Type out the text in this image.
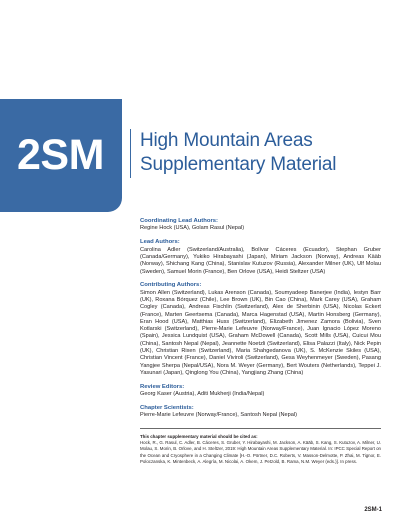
2SM High Mountain Areas
Supplementary Material

Coordinating Lead Authors:

Regine Hock (USA), Golam Rasul (Nepal)

Lead Authors:

Carolina Adler (Switzerland/Australia), Bolívar Cáceres (Ecuador), Stephan Gruber (Canada/Germany), Yukiko Hirabayashi (Japan), Miriam Jackson (Norway), Andreas Kääb (Norway), Shichang Kang (China), Stanislav Kutuzov (Russia), Alexander Milner (UK), Ulf Molau (Sweden), Samuel Morin (France), Ben Orlove (USA), Heidi Steltzer (USA)

Contributing Authors:

Simon Allen (Switzerland), Lukas Arenson (Canada), Soumyadeep Banerjee (India), Iestyn Barr (UK), Roxana Bórquez (Chile), Lee Brown (UK), Bin Cao (China), Mark Carey (USA), Graham Cogley (Canada), Andreas Fischlin (Switzerland), Alex de Sherbinin (USA), Nicolas Eckert (France), Marten Geertsema (Canada), Marca Hagenstad (USA), Martin Honsberg (Germany), Eran Hood (USA), Matthias Huss (Switzerland), Elizabeth Jimenez Zamora (Bolivia), Sven Kotlarski (Switzerland), Pierre-Marie Lefeuvre (Norway/France), Juan Ignacio López Moreno (Spain), Jessica Lundquist (USA), Graham McDowell (Canada), Scott Mills (USA), Cuicui Mou (China), Santosh Nepal (Nepal), Jeannette Noetzli (Switzerland), Elisa Palazzi (Italy), Nick Pepin (UK), Christian Rixen (Switzerland), Maria Shahgedanova (UK), S. McKenzie Skiles (USA), Christian Vincent (France), Daniel Viviroli (Switzerland), Gesa Weyhenmeyer (Sweden), Pasang Yangjee Sherpa (Nepal/USA), Nora M. Weyer (Germany), Bert Wouters (Netherlands), Teppei J. Yasunari (Japan), Qinglong You (China), Yangjiang Zhang (China)

Review Editors:

Georg Kaser (Austria), Aditi Mukherji (India/Nepal)

Chapter Scientists:

Pierre-Marie Lefeuvre (Norway/France), Santosh Nepal (Nepal)

This chapter supplementary material should be cited as:
Hock, R., G. Rasul, C. Adler, B. Cáceres, S. Gruber, Y. Hirabayashi, M. Jackson, A. Kääb, S. Kang, S. Kutuzov, A. Milner, U. Molau, S. Morin, B. Orlove, and H. Steltzer, 2019: High Mountain Areas Supplementary Material. In: IPCC Special Report on the Ocean and Cryosphere in a Changing Climate [H.-O. Pörtner, D.C. Roberts, V. Masson-Delmotte, P. Zhai, M. Tignor, E. Poloczanska, K. Mintenbeck, A. Alegría, M. Nicolai, A. Okem, J. Petzold, B. Rama, N.M. Weyer (eds.)]. In press.

2SM-1
